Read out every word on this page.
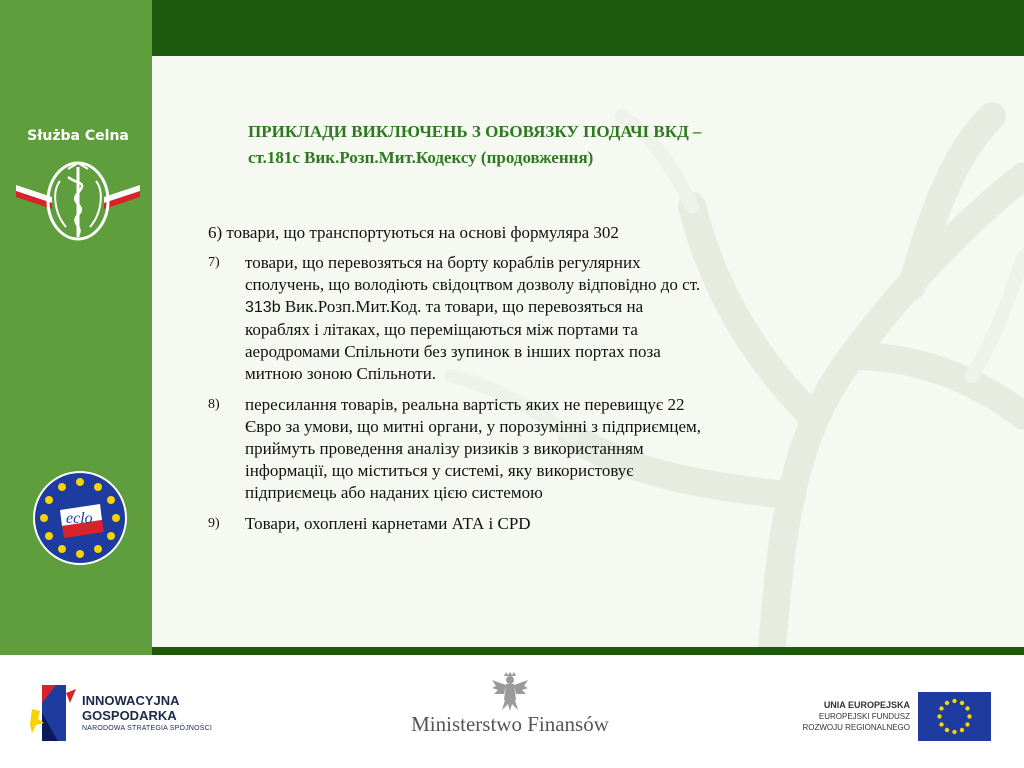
Służba Celna
eclo
ПРИКЛАДИ ВИКЛЮЧЕНЬ З ОБОВЯЗКУ ПОДАЧІ ВКД –
ст.181с Вик.Розп.Мит.Кодексу (продовження)
6) товари, що транспортуються на основі формуляра 302
7) товари, що перевозяться на борту кораблів регулярних
сполучень, що володіють свідоцтвом дозволу відповідно до ст.
313b Вик.Розп.Мит.Код. та товари, що перевозяться на
кораблях і літаках, що переміщаються між портами та
аеродромами Спільноти без зупинок в інших портах поза
митною зоною Спільноти.
8) пересилання товарів, реальна вартість яких не перевищує 22
Євро за умови, що митні органи, у порозумінні з підприємцем,
приймуть проведення аналізу ризиків з використанням
інформації, що міститься у системі, яку використовує
підприємець або наданих цією системою
9) Товари, охоплені карнетами АТА і CPD
INNOWACYJNA
GOSPODARKA
NARODOWA STRATEGIA SPÓJNOŚCI	Ministerstwo Finansów
UNIA EUROPEJSKA
EUROPEJSKI FUNDUSZ
ROZWOJU REGIONALNEGO
